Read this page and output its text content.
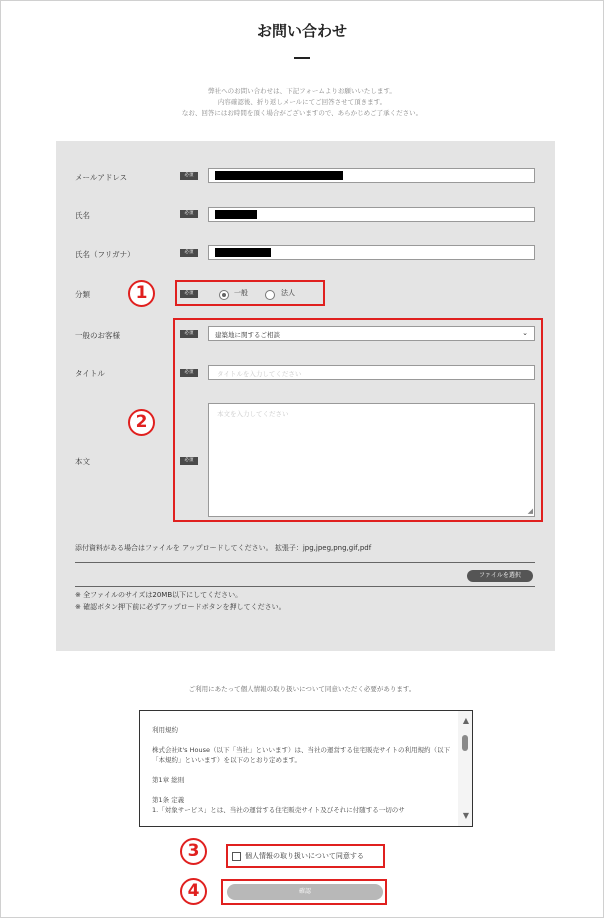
お問い合わせ
弊社へのお問い合わせは、下記フォームよりお願いいたします。
内容確認後、折り返しメールにてご回答させて頂きます。
なお、回答にはお時間を頂く場合がございますので、あらかじめご了承ください。
メールアドレス	必須
氏名	必須
氏名（フリガナ）	必須
分類	必須	一般	法人
一般のお客様	必須	建築地に関するご相談	⌄
タイトル	必須	タイトルを入力してください
本文	必須
本文を入力してください
◢
添付資料がある場合はファイルを アップロードしてください。 拡張子：jpg,jpeg,png,gif,pdf
ファイルを選択
※ 全ファイルのサイズは20MB以下にしてください。
※ 確認ボタン押下前に必ずアップロードボタンを押してください。
ご利用にあたって個人情報の取り扱いについて同意いただく必要があります。

利用規約

株式会社it's House（以下「当社」といいます）は、当社の運営する住宅販売サイトの利用規約（以下「本規約」といいます）を以下のとおり定めます。

第1章 総則

第1条 定義

1.「対象サービス」とは、当社の運営する住宅販売サイト及びそれに付随する一切のサ

▲
▼
個人情報の取り扱いについて同意する
確認
1
2
3
4
